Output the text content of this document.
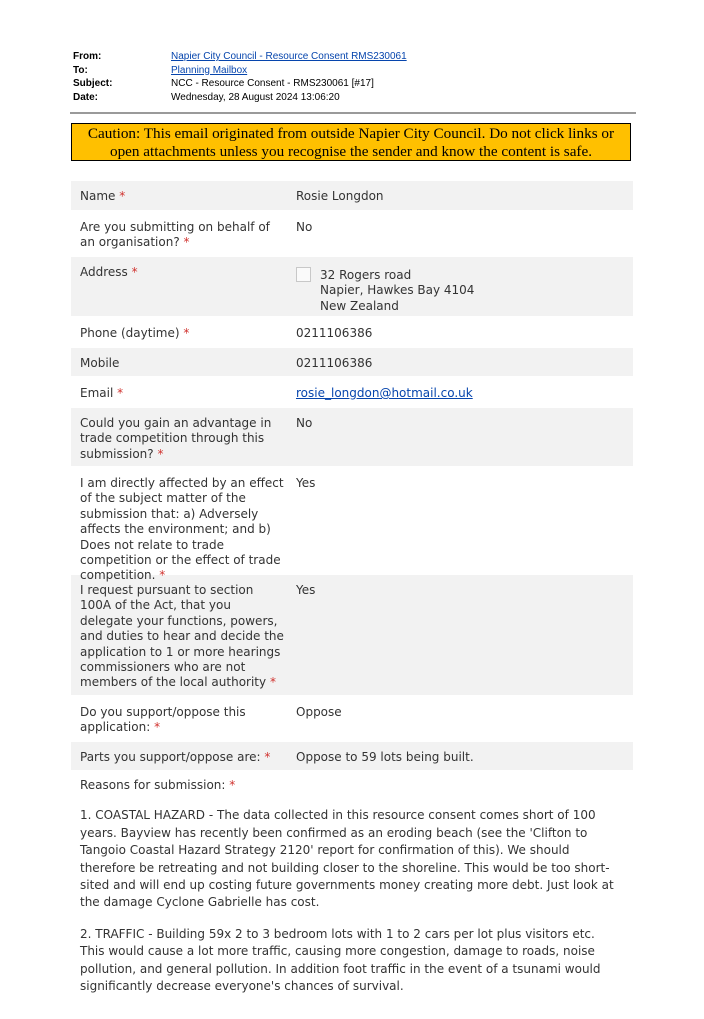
From:	Napier City Council - Resource Consent RMS230061
To:	Planning Mailbox
Subject:	NCC - Resource Consent - RMS230061 [#17]
Date:	Wednesday, 28 August 2024 13:06:20
Caution: This email originated from outside Napier City Council. Do not click links or
open attachments unless you recognise the sender and know the content is safe.
Name *	Rosie Longdon
Are you submitting on behalf of an organisation? *
No
Address *	32 Rogers road
Napier, Hawkes Bay 4104
New Zealand
Phone (daytime) *	0211106386
Mobile	0211106386
Email *	rosie_longdon@hotmail.co.uk
Could you gain an advantage in trade competition through this submission? *
No
I am directly affected by an effect of the subject matter of the submission that: a) Adversely affects the environment; and b) Does not relate to trade competition or the effect of trade competition. *
Yes
I request pursuant to section 100A of the Act, that you delegate your functions, powers, and duties to hear and decide the application to 1 or more hearings commissioners who are not members of the local authority *
Yes
Do you support/oppose this application: *
Oppose
Parts you support/oppose are: *	Oppose to 59 lots being built.
Reasons for submission: *
1. COASTAL HAZARD - The data collected in this resource consent comes short of 100 years. Bayview has recently been confirmed as an eroding beach (see the 'Clifton to Tangoio Coastal Hazard Strategy 2120' report for confirmation of this). We should therefore be retreating and not building closer to the shoreline. This would be too short-sited and will end up costing future governments money creating more debt. Just look at the damage Cyclone Gabrielle has cost.
2. TRAFFIC - Building 59x 2 to 3 bedroom lots with 1 to 2 cars per lot plus visitors etc. This would cause a lot more traffic, causing more congestion, damage to roads, noise pollution, and general pollution. In addition foot traffic in the event of a tsunami would significantly decrease everyone's chances of survival.
